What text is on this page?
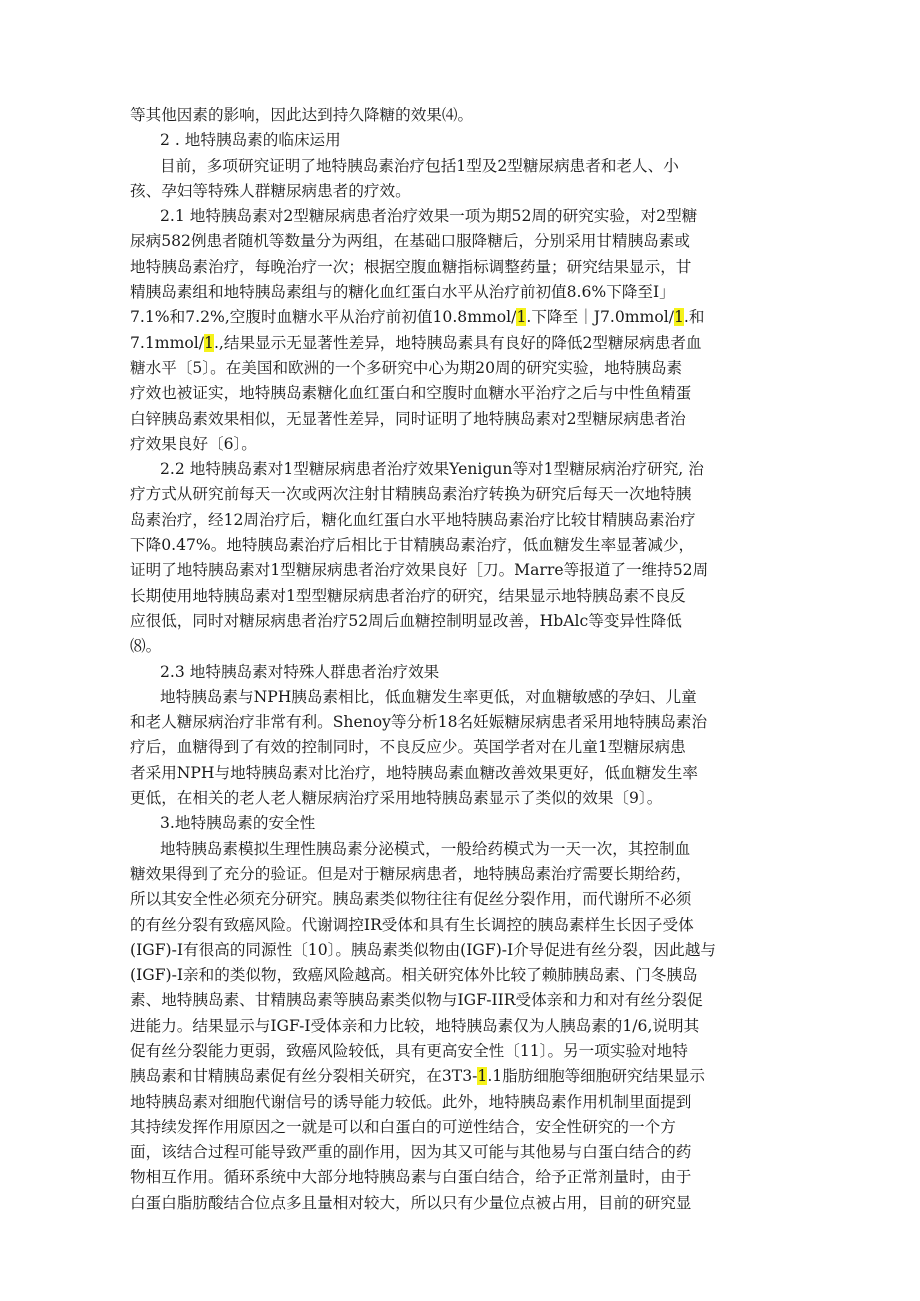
等其他因素的影响，因此达到持久降糖的效果⑷。
2 . 地特胰岛素的临床运用
目前，多项研究证明了地特胰岛素治疗包括1型及2型糖尿病患者和老人、小
孩、孕妇等特殊人群糖尿病患者的疗效。
2.1 地特胰岛素对2型糖尿病患者治疗效果一项为期52周的研究实验，对2型糖
尿病582例患者随机等数量分为两组，在基础口服降糖后，分别采用甘精胰岛素或
地特胰岛素治疗，每晚治疗一次；根据空腹血糖指标调整药量；研究结果显示，甘
精胰岛素组和地特胰岛素组与的糖化血红蛋白水平从治疗前初值8.6%下降至I」
7.1%和7.2%,空腹时血糖水平从治疗前初值10.8mmol∕1.下降至｜J7.0mmol∕1.和
7.1mmol∕1.,结果显示无显著性差异，地特胰岛素具有良好的降低2型糖尿病患者血
糖水平〔5〕。在美国和欧洲的一个多研究中心为期20周的研究实验，地特胰岛素
疗效也被证实，地特胰岛素糖化血红蛋白和空腹时血糖水平治疗之后与中性鱼精蛋
白锌胰岛素效果相似，无显著性差异，同时证明了地特胰岛素对2型糖尿病患者治
疗效果良好〔6〕。
2.2 地特胰岛素对1型糖尿病患者治疗效果Yenigun等对1型糖尿病治疗研究, 治
疗方式从研究前每天一次或两次注射甘精胰岛素治疗转换为研究后每天一次地特胰
岛素治疗，经12周治疗后，糖化血红蛋白水平地特胰岛素治疗比较甘精胰岛素治疗
下降0.47%。地特胰岛素治疗后相比于甘精胰岛素治疗，低血糖发生率显著减少，
证明了地特胰岛素对1型糖尿病患者治疗效果良好［刀。Marre等报道了一维持52周
长期使用地特胰岛素对1型型糖尿病患者治疗的研究，结果显示地特胰岛素不良反
应很低，同时对糖尿病患者治疗52周后血糖控制明显改善，HbAlc等变异性降低
⑻。
2.3 地特胰岛素对特殊人群患者治疗效果
地特胰岛素与NPH胰岛素相比，低血糖发生率更低，对血糖敏感的孕妇、儿童
和老人糖尿病治疗非常有利。Shenoy等分析18名妊娠糖尿病患者采用地特胰岛素治
疗后，血糖得到了有效的控制同时，不良反应少。英国学者对在儿童1型糖尿病患
者采用NPH与地特胰岛素对比治疗，地特胰岛素血糖改善效果更好，低血糖发生率
更低，在相关的老人老人糖尿病治疗采用地特胰岛素显示了类似的效果〔9〕。
3.地特胰岛素的安全性
地特胰岛素模拟生理性胰岛素分泌模式，一般给药模式为一天一次，其控制血
糖效果得到了充分的验证。但是对于糖尿病患者，地特胰岛素治疗需要长期给药，
所以其安全性必须充分研究。胰岛素类似物往往有促丝分裂作用，而代谢所不必须
的有丝分裂有致癌风险。代谢调控IR受体和具有生长调控的胰岛素样生长因子受体
(IGF)-I有很高的同源性〔10〕。胰岛素类似物由(IGF)-I介导促进有丝分裂，因此越与
(IGF)-I亲和的类似物，致癌风险越高。相关研究体外比较了赖肺胰岛素、门冬胰岛
素、地特胰岛素、甘精胰岛素等胰岛素类似物与IGF-IIR受体亲和力和对有丝分裂促
进能力。结果显示与IGF-I受体亲和力比较，地特胰岛素仅为人胰岛素的1/6,说明其
促有丝分裂能力更弱，致癌风险较低，具有更高安全性〔11〕。另一项实验对地特
胰岛素和甘精胰岛素促有丝分裂相关研究，在3T3-1.1脂肪细胞等细胞研究结果显示
地特胰岛素对细胞代谢信号的诱导能力较低。此外，地特胰岛素作用机制里面提到
其持续发挥作用原因之一就是可以和白蛋白的可逆性结合，安全性研究的一个方
面，该结合过程可能导致严重的副作用，因为其又可能与其他易与白蛋白结合的药
物相互作用。循环系统中大部分地特胰岛素与白蛋白结合，给予正常剂量时，由于
白蛋白脂肪酸结合位点多且量相对较大，所以只有少量位点被占用，目前的研究显
